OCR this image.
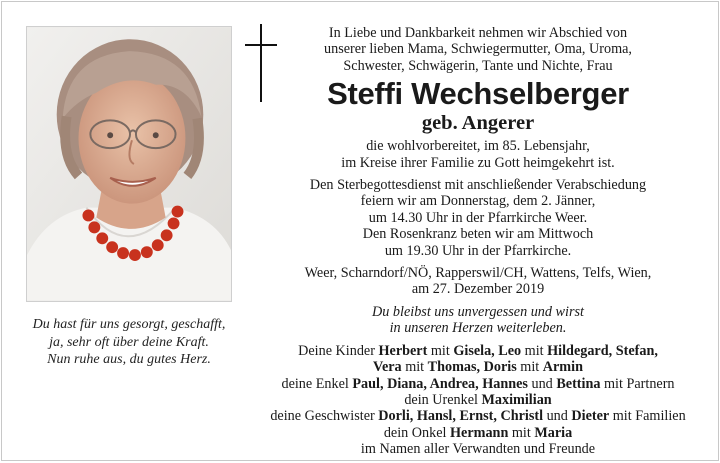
Du hast für uns gesorgt, geschafft,
ja, sehr oft über deine Kraft.
Nun ruhe aus, du gutes Herz.
In Liebe und Dankbarkeit nehmen wir Abschied von
unserer lieben Mama, Schwiegermutter, Oma, Uroma,
Schwester, Schwägerin, Tante und Nichte, Frau
Steffi Wechselberger
geb. Angerer
die wohlvorbereitet, im 85. Lebensjahr,
im Kreise ihrer Familie zu Gott heimgekehrt ist.
Den Sterbegottesdienst mit anschließender Verabschiedung
feiern wir am Donnerstag, dem 2. Jänner,
um 14.30 Uhr in der Pfarrkirche Weer.
Den Rosenkranz beten wir am Mittwoch
um 19.30 Uhr in der Pfarrkirche.
Weer, Scharndorf/NÖ, Rapperswil/CH, Wattens, Telfs, Wien,
am 27. Dezember 2019
Du bleibst uns unvergessen und wirst
in unseren Herzen weiterleben.
Deine Kinder Herbert mit Gisela, Leo mit Hildegard, Stefan,
Vera mit Thomas, Doris mit Armin
deine Enkel Paul, Diana, Andrea, Hannes und Bettina mit Partnern
dein Urenkel Maximilian
deine Geschwister Dorli, Hansl, Ernst, Christl und Dieter mit Familien
dein Onkel Hermann mit Maria
im Namen aller Verwandten und Freunde
